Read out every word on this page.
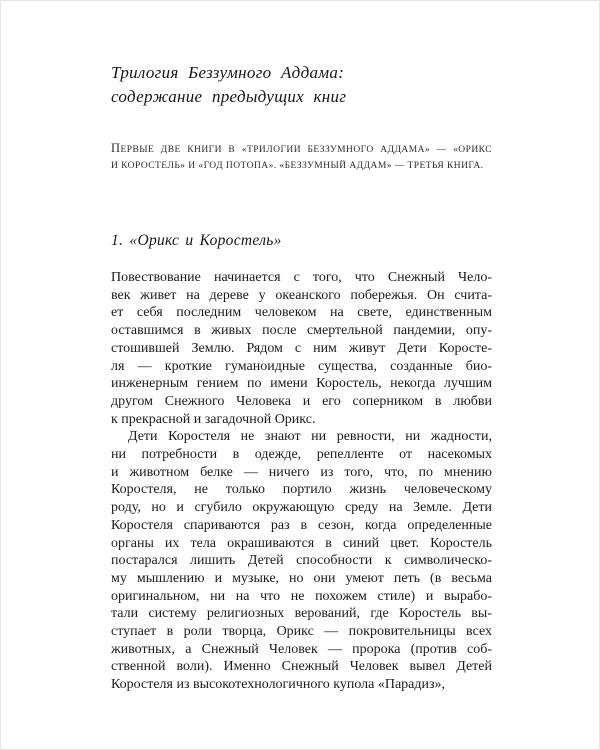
Трилогия Беззумного Аддама:
содержание предыдущих книг
ПЕРВЫЕ ДВЕ КНИГИ В «ТРИЛОГИИ БЕЗЗУМНОГО АДДАМА» — «ОРИКС
И КОРОСТЕЛЬ» И «ГОД ПОТОПА». «БЕЗЗУМНЫЙ АДДАМ» — ТРЕТЬЯ КНИГА.
1. «Орикс и Коростель»
Повествование начинается с того, что Снежный Чело-
век живет на дереве у океанского побережья. Он счита-
ет себя последним человеком на свете, единственным
оставшимся в живых после смертельной пандемии, опу-
стошившей Землю. Рядом с ним живут Дети Коросте-
ля — кроткие гуманоидные существа, созданные био-
инженерным гением по имени Коростель, некогда лучшим
другом Снежного Человека и его соперником в любви
к прекрасной и загадочной Орикс.
Дети Коростеля не знают ни ревности, ни жадности,
ни потребности в одежде, репелленте от насекомых
и животном белке — ничего из того, что, по мнению
Коростеля, не только портило жизнь человеческому
роду, но и сгубило окружающую среду на Земле. Дети
Коростеля спариваются раз в сезон, когда определенные
органы их тела окрашиваются в синий цвет. Коростель
постарался лишить Детей способности к символическо-
му мышлению и музыке, но они умеют петь (в весьма
оригинальном, ни на что не похожем стиле) и вырабо-
тали систему религиозных верований, где Коростель вы-
ступает в роли творца, Орикс — покровительницы всех
животных, а Снежный Человек — пророка (против соб-
ственной воли). Именно Снежный Человек вывел Детей
Коростеля из высокотехнологичного купола «Парадиз»,
